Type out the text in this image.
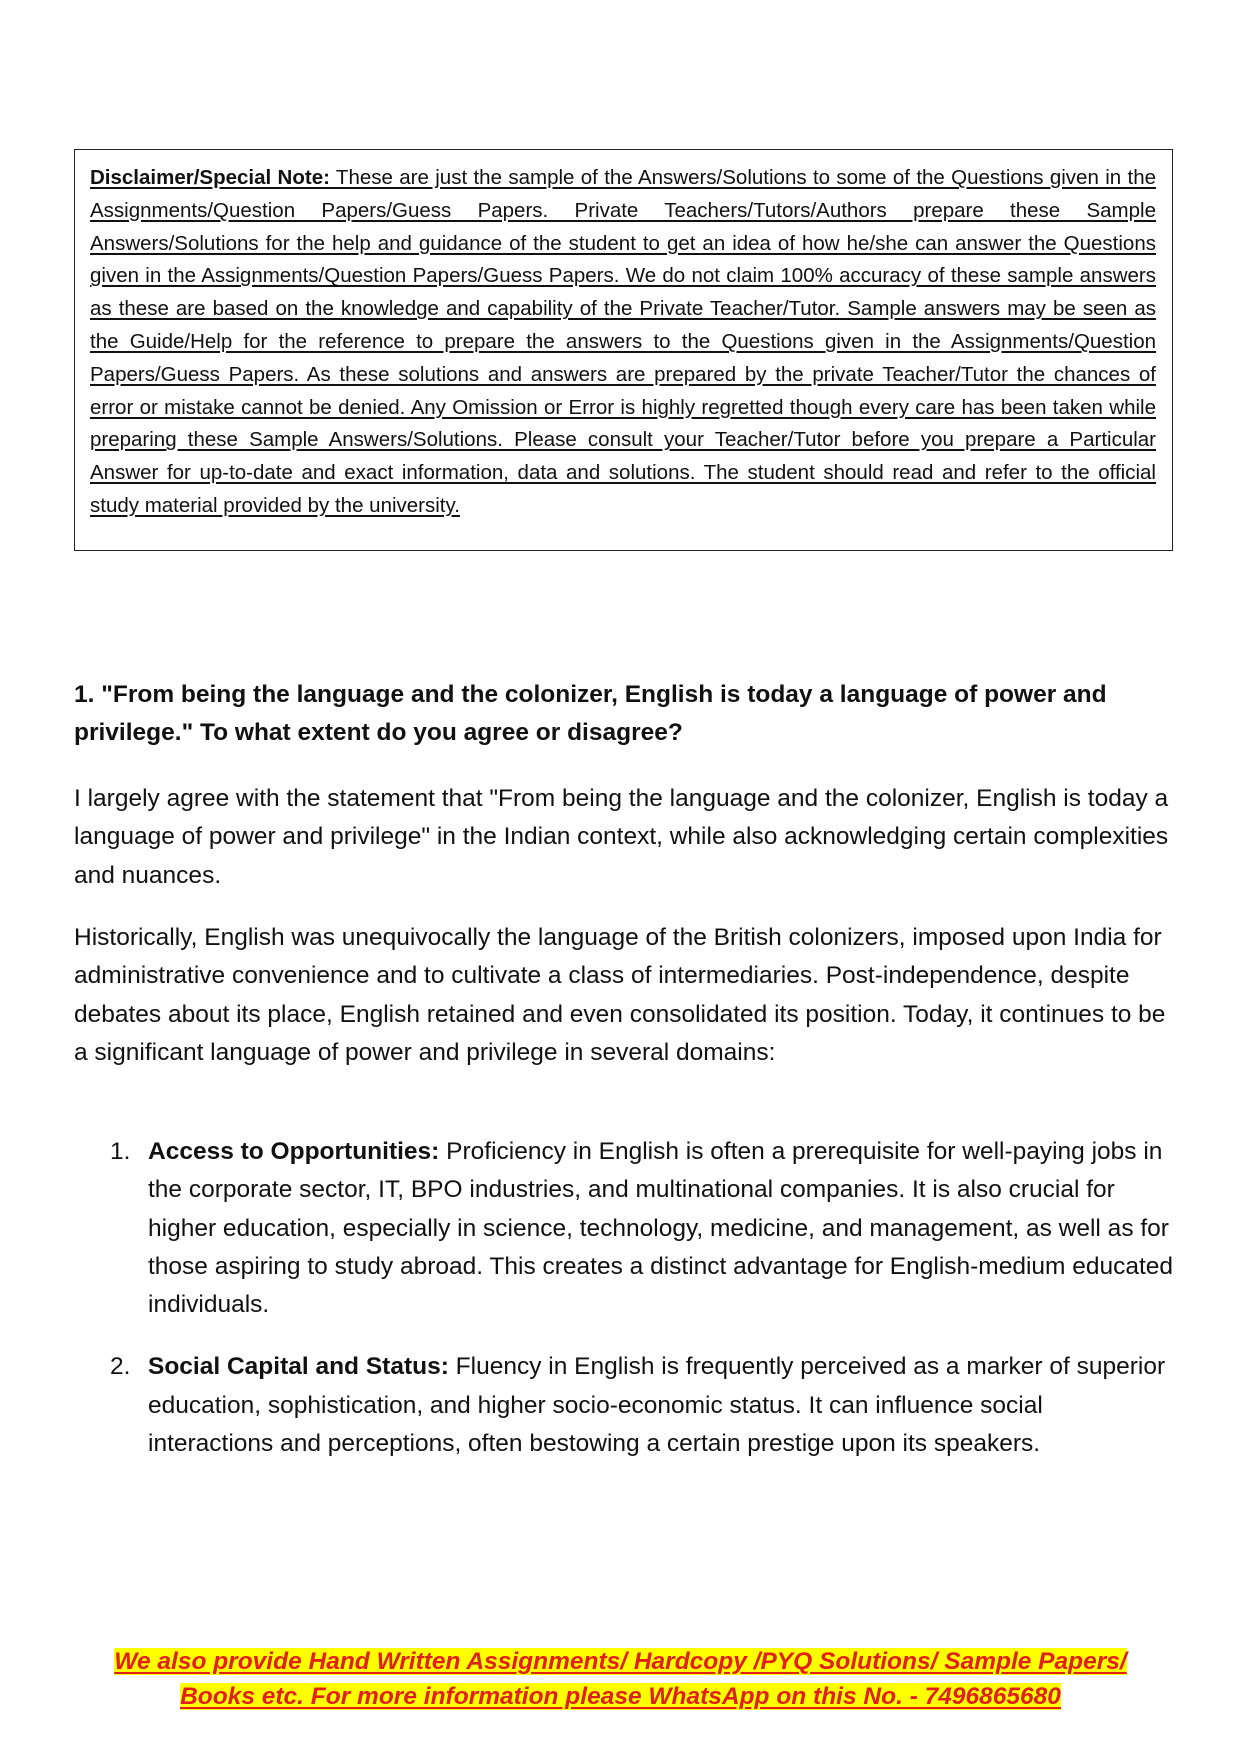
Disclaimer/Special Note: These are just the sample of the Answers/Solutions to some of the Questions given in the Assignments/Question Papers/Guess Papers. Private Teachers/Tutors/Authors prepare these Sample Answers/Solutions for the help and guidance of the student to get an idea of how he/she can answer the Questions given in the Assignments/Question Papers/Guess Papers. We do not claim 100% accuracy of these sample answers as these are based on the knowledge and capability of the Private Teacher/Tutor. Sample answers may be seen as the Guide/Help for the reference to prepare the answers to the Questions given in the Assignments/Question Papers/Guess Papers. As these solutions and answers are prepared by the private Teacher/Tutor the chances of error or mistake cannot be denied. Any Omission or Error is highly regretted though every care has been taken while preparing these Sample Answers/Solutions. Please consult your Teacher/Tutor before you prepare a Particular Answer for up-to-date and exact information, data and solutions. The student should read and refer to the official study material provided by the university.

1. "From being the language and the colonizer, English is today a language of power and privilege." To what extent do you agree or disagree?

I largely agree with the statement that "From being the language and the colonizer, English is today a language of power and privilege" in the Indian context, while also acknowledging certain complexities and nuances.

Historically, English was unequivocally the language of the British colonizers, imposed upon India for administrative convenience and to cultivate a class of intermediaries. Post-independence, despite debates about its place, English retained and even consolidated its position. Today, it continues to be a significant language of power and privilege in several domains:

1. Access to Opportunities: Proficiency in English is often a prerequisite for well-paying jobs in the corporate sector, IT, BPO industries, and multinational companies. It is also crucial for higher education, especially in science, technology, medicine, and management, as well as for those aspiring to study abroad. This creates a distinct advantage for English-medium educated individuals.
2. Social Capital and Status: Fluency in English is frequently perceived as a marker of superior education, sophistication, and higher socio-economic status. It can influence social interactions and perceptions, often bestowing a certain prestige upon its speakers.
We also provide Hand Written Assignments/ Hardcopy /PYQ Solutions/ Sample Papers/
Books etc. For more information please WhatsApp on this No. - 7496865680
